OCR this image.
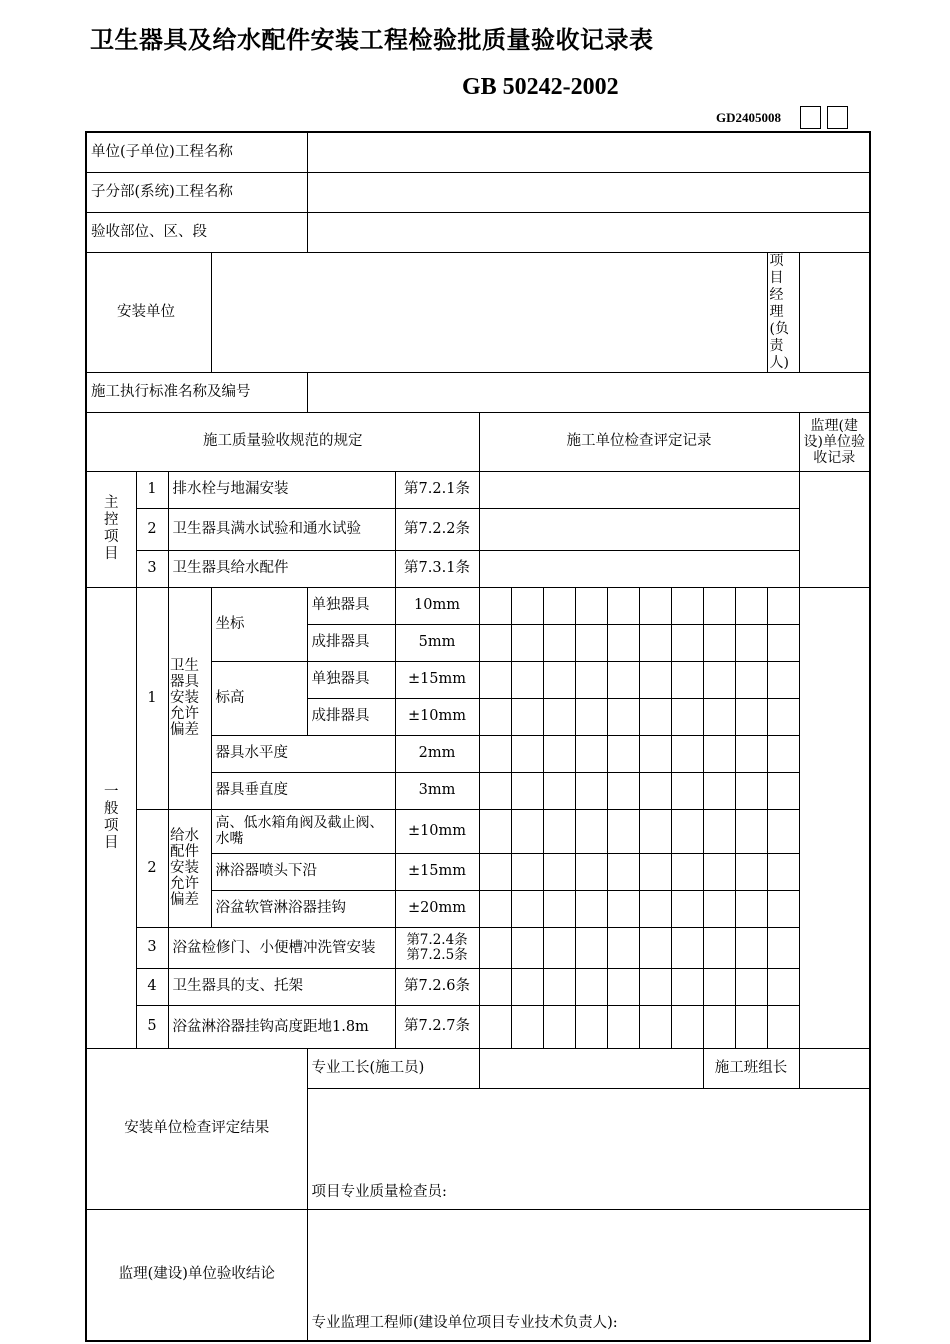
卫生器具及给水配件安装工程检验批质量验收记录表
GB 50242-2002
GD2405008
单位(子单位)工程名称																
子分部(系统)工程名称																
验收部位、区、段																
安装单位															项目经理(负责人)	
施工执行标准名称及编号																
施工质量验收规范的规定						施工单位检查评定记录										监理(建设)单位验收记录
主控项目	1	排水栓与地漏安装			第7.2.1条											
	2	卫生器具满水试验和通水试验			第7.2.2条											
	3	卫生器具给水配件			第7.3.1条											
一般项目	1	卫生器具安装允许偏差	坐标	单独器具	10mm											
				成排器具	5mm											
			标高	单独器具	±15mm											
				成排器具	±10mm											
			器具水平度		2mm											
			器具垂直度		3mm											
	2	给水配件安装允许偏差	高、低水箱角阀及截止阀、水嘴		±10mm											
			淋浴器喷头下沿		±15mm											
			浴盆软管淋浴器挂钩		±20mm											
	3	浴盆检修门、小便槽冲洗管安装			第7.2.4条 第7.2.5条											
	4	卫生器具的支、托架			第7.2.6条											
	5	浴盆淋浴器挂钩高度距地1.8m			第7.2.7条											
安装单位检查评定结果				专业工长(施工员)									施工班组长			
				项目专业质量检查员:												
监理(建设)单位验收结论				专业监理工程师(建设单位项目专业技术负责人):												
